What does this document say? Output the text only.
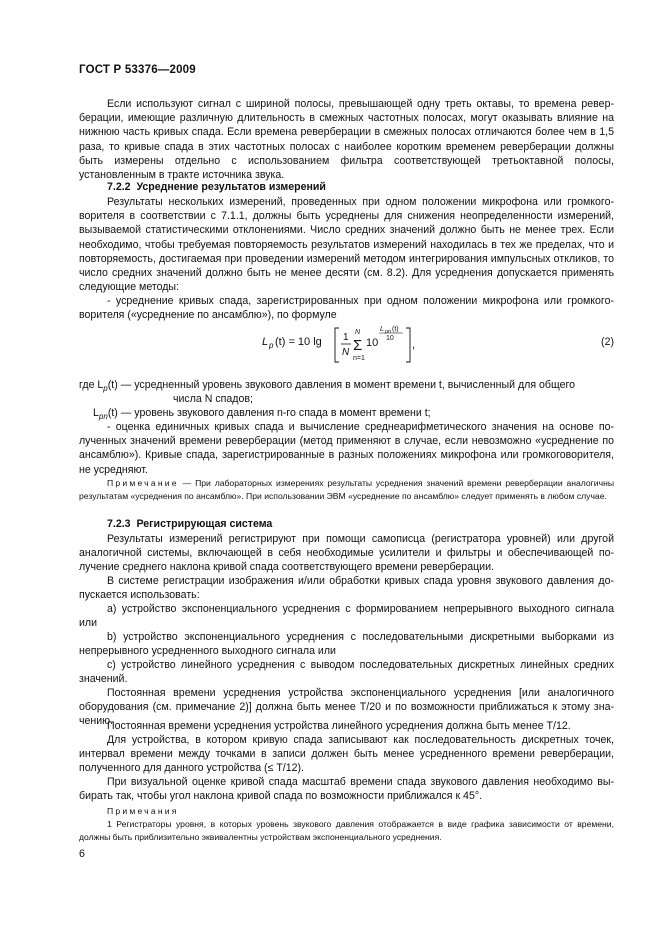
ГОСТ Р 53376—2009
Если используют сигнал с шириной полосы, превышающей одну треть октавы, то времена реверберации, имеющие различную длительность в смежных частотных полосах, могут оказывать влияние на нижнюю часть кривых спада. Если времена реверберации в смежных полосах отличаются более чем в 1,5 раза, то кривые спада в этих частотных полосах с наиболее коротким временем реверберации должны быть измерены отдельно с использованием фильтра соответствующей третьоктавной полосы, установленным в тракте источника звука.
7.2.2 Усреднение результатов измерений
Результаты нескольких измерений, проведенных при одном положении микрофона или громкоговорителя в соответствии с 7.1.1, должны быть усреднены для снижения неопределенности измерений, вызываемой статистическими отклонениями. Число средних значений должно быть не менее трех. Если необходимо, чтобы требуемая повторяемость результатов измерений находилась в тех же пределах, что и повторяемость, достигаемая при проведении измерений методом интегрирования импульсных откликов, то число средних значений должно быть не менее десяти (см. 8.2). Для усреднения допускается применять следующие методы:
- усреднение кривых спада, зарегистрированных при одном положении микрофона или громкоговорителя («усреднение по ансамблю»), по формуле
L p (t) = 10 lg 1
N
N
Σ
n=1
10
L pn (t)
10
,	(2)
где $L_p(t)$ — усредненный уровень звукового давления в момент времени t, вычисленный для общего
числа N спадов;
$L_{pn}(t)$ — уровень звукового давления n-го спада в момент времени t;
- оценка единичных кривых спада и вычисление среднеарифметического значения на основе полученных значений времени реверберации (метод применяют в случае, если невозможно «усреднение по ансамблю»). Кривые спада, зарегистрированные в разных положениях микрофона или громкоговорителя, не усредняют.
Примечание — При лабораторных измерениях результаты усреднения значений времени реверберации аналогичны результатам «усреднения по ансамблю». При использовании ЭВМ «усреднение по ансамблю» следует применять в любом случае.
7.2.3 Регистрирующая система
Результаты измерений регистрируют при помощи самописца (регистратора уровней) или другой аналогичной системы, включающей в себя необходимые усилители и фильтры и обеспечивающей получение среднего наклона кривой спада соответствующего времени реверберации.
В системе регистрации изображения и/или обработки кривых спада уровня звукового давления допускается использовать:
a) устройство экспоненциального усреднения с формированием непрерывного выходного сигнала или
b) устройство экспоненциального усреднения с последовательными дискретными выборками из непрерывного усредненного выходного сигнала или
c) устройство линейного усреднения с выводом последовательных дискретных линейных средних значений.
Постоянная времени усреднения устройства экспоненциального усреднения [или аналогичного оборудования (см. примечание 2)] должна быть менее T/20 и по возможности приближаться к этому значению.
Постоянная времени усреднения устройства линейного усреднения должна быть менее T/12.
Для устройства, в котором кривую спада записывают как последовательность дискретных точек, интервал времени между точками в записи должен быть менее усредненного времени реверберации, полученного для данного устройства (≤ T/12).
При визуальной оценке кривой спада масштаб времени спада звукового давления необходимо выбирать так, чтобы угол наклона кривой спада по возможности приближался к 45°.
Примечания
1 Регистраторы уровня, в которых уровень звукового давления отображается в виде графика зависимости от времени, должны быть приблизительно эквивалентны устройствам экспоненциального усреднения.
6
